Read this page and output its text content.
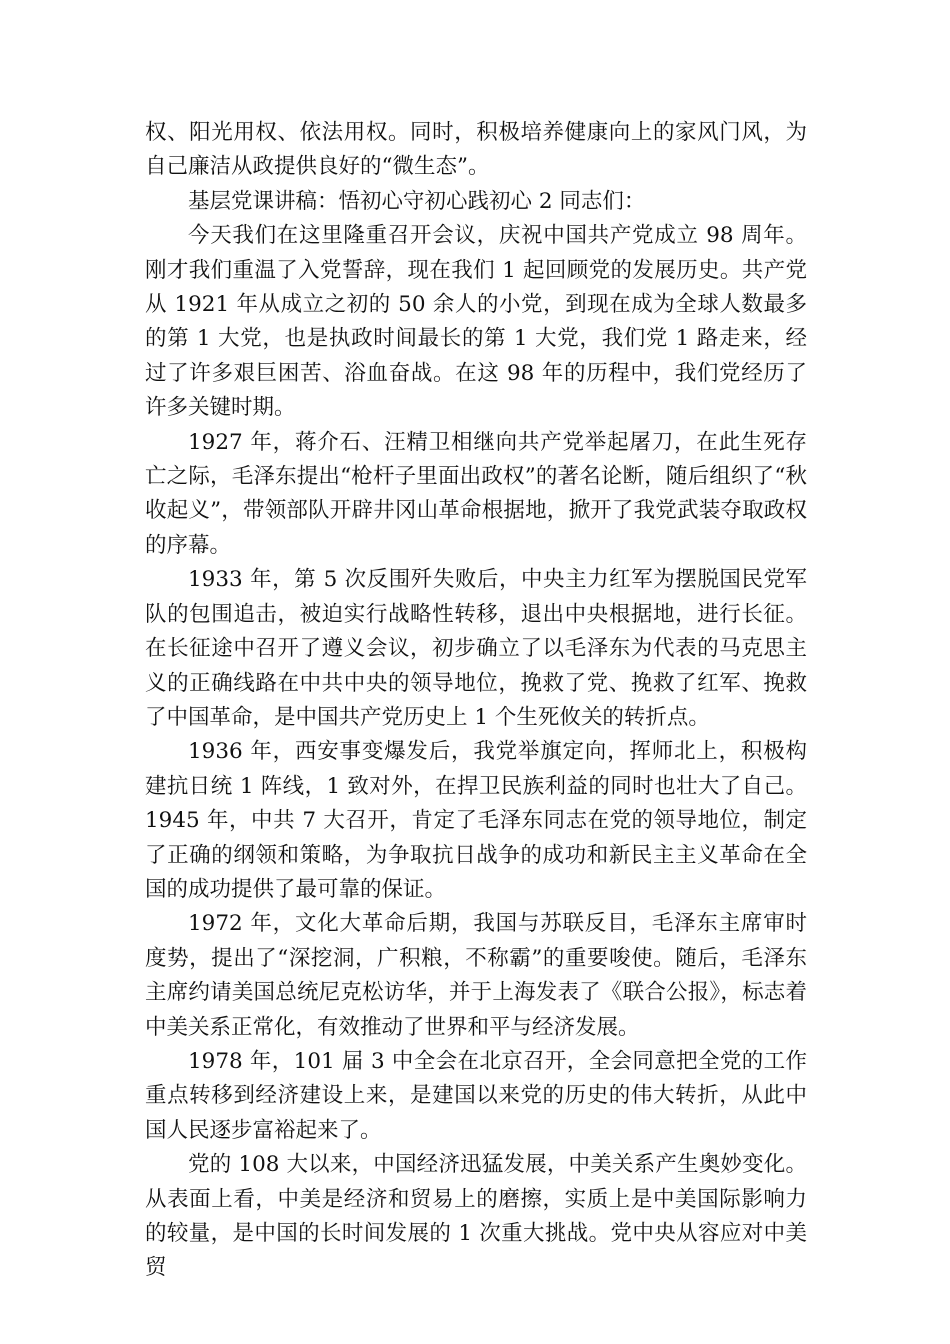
权、阳光用权、依法用权。同时，积极培养健康向上的家风门风，为自己廉洁从政提供良好的“微生态”。

基层党课讲稿：悟初心守初心践初心 2 同志们：

今天我们在这里隆重召开会议，庆祝中国共产党成立 98 周年。刚才我们重温了入党誓辞，现在我们 1 起回顾党的发展历史。共产党从 1921 年从成立之初的 50 余人的小党，到现在成为全球人数最多的第 1 大党，也是执政时间最长的第 1 大党，我们党 1 路走来，经过了许多艰巨困苦、浴血奋战。在这 98 年的历程中，我们党经历了许多关键时期。

1927 年，蒋介石、汪精卫相继向共产党举起屠刀，在此生死存亡之际，毛泽东提出“枪杆子里面出政权”的著名论断，随后组织了“秋收起义”，带领部队开辟井冈山革命根据地，掀开了我党武装夺取政权的序幕。

1933 年，第 5 次反围歼失败后，中央主力红军为摆脱国民党军队的包围追击，被迫实行战略性转移，退出中央根据地，进行长征。在长征途中召开了遵义会议，初步确立了以毛泽东为代表的马克思主义的正确线路在中共中央的领导地位，挽救了党、挽救了红军、挽救了中国革命，是中国共产党历史上 1 个生死攸关的转折点。

1936 年，西安事变爆发后，我党举旗定向，挥师北上，积极构建抗日统 1 阵线，1 致对外，在捍卫民族利益的同时也壮大了自己。1945 年，中共 7 大召开，肯定了毛泽东同志在党的领导地位，制定了正确的纲领和策略，为争取抗日战争的成功和新民主主义革命在全国的成功提供了最可靠的保证。

1972 年，文化大革命后期，我国与苏联反目，毛泽东主席审时度势，提出了“深挖洞，广积粮，不称霸”的重要唆使。随后，毛泽东主席约请美国总统尼克松访华，并于上海发表了《联合公报》，标志着中美关系正常化，有效推动了世界和平与经济发展。

1978 年，101 届 3 中全会在北京召开，全会同意把全党的工作重点转移到经济建设上来，是建国以来党的历史的伟大转折，从此中国人民逐步富裕起来了。

党的 108 大以来，中国经济迅猛发展，中美关系产生奥妙变化。从表面上看，中美是经济和贸易上的磨擦，实质上是中美国际影响力的较量，是中国的长时间发展的 1 次重大挑战。党中央从容应对中美贸
